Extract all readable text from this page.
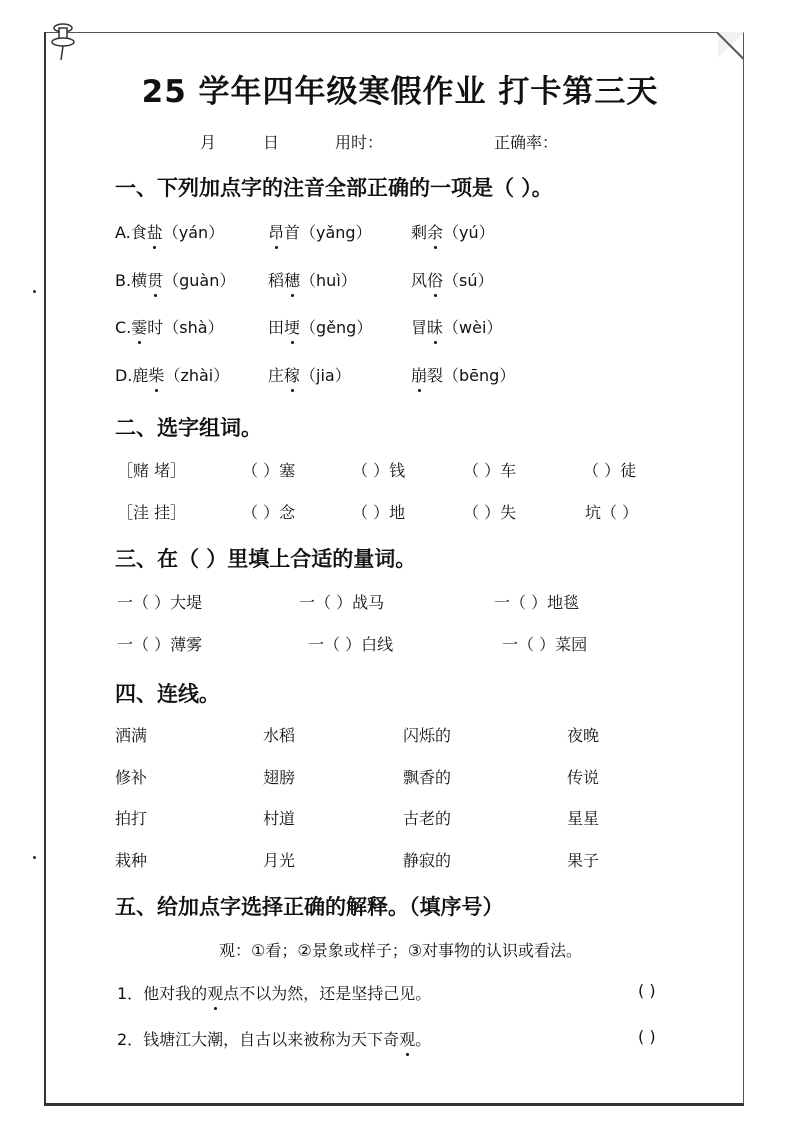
25 学年四年级寒假作业 打卡第三天
月	日	用时：	正确率：
一、下列加点字的注音全部正确的一项是（ ）。
A.食盐（yán）	昂首（yǎng） 剩余（yú）
B.横贯（guàn） 稻穗（huì）	风俗（sú）
C.霎时（shà）	田埂（gěng） 冒昧（wèi）
D.鹿柴（zhài） 庄稼（jia）	崩裂（bēng）
二、选字组词。
［赌 堵］	（ ）塞	（ ）钱	（ ）车	（ ）徒
［洼 挂］	（ ）念	（ ）地	（ ）失	坑（ ）
三、在（ ）里填上合适的量词。
一（ ）大堤	一（ ）战马	一（ ）地毯
一（ ）薄雾	一（ ）白线	一（ ）菜园
四、连线。
洒满	水稻	闪烁的	夜晚
修补	翅膀	飘香的	传说
拍打	村道	古老的	星星
栽种	月光	静寂的	果子
五、给加点字选择正确的解释。（填序号）
观：①看；②景象或样子；③对事物的认识或看法。
1．他对我的观点不以为然，还是坚持己见。	( )
2．钱塘江大潮，自古以来被称为天下奇观。	( )
